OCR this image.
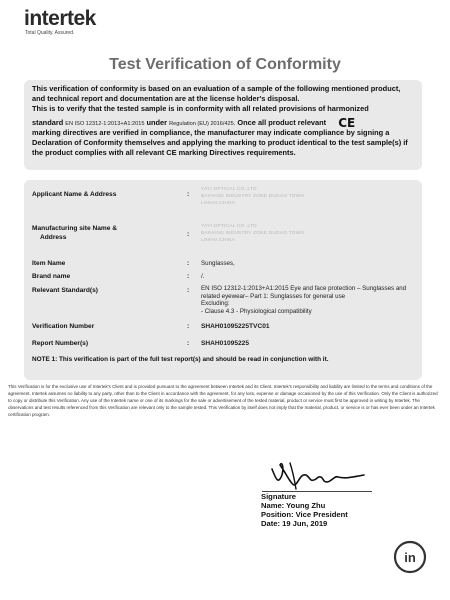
intertek
Total Quality. Assured.
Test Verification of Conformity

This verification of conformity is based on an evaluation of a sample of the following mentioned product, and technical report and documentation are at the license holder's disposal.

This is to verify that the tested sample is in conformity with all related provisions of harmonized

standard EN ISO 12312-1:2013+A1:2015 under Regulation (EU) 2016/425. Once all product relevant CE

marking directives are verified in compliance, the manufacturer may indicate compliance by signing a Declaration of Conformity themselves and applying the marking to product identical to the test sample(s) if the product complies with all relevant CE marking Directives requirements.

Applicant Name & Address	:
YAYI OPTICAL CO.,LTD
BAIHANG INDUSTRY ZONE DUGAO TOWN
LINHAI,CHINA
Manufacturing site Name &
Address	:
YAYI OPTICAL CO.,LTD
BAIHANG INDUSTRY ZONE DUGAO TOWN
LINHAI,CHINA
Item Name	: Sunglasses,
Brand name	: /.
Relevant Standard(s)	: EN ISO 12312-1:2013+A1:2015 Eye and face protection – Sunglasses and related eyewear– Part 1: Sunglasses for general use
Excluding:
- Clause 4.3 - Physiological compatibility
Verification Number	: SHAH01095225TVC01
Report Number(s)	: SHAH01095225
NOTE 1: This verification is part of the full test report(s) and should be read in conjunction with it.

This Verification is for the exclusive use of Intertek's Client and is provided pursuant to the agreement between Intertek and its Client. Intertek's responsibility and liability are limited to the terms and conditions of the agreement. Intertek assumes no liability to any party, other than to the Client in accordance with the agreement, for any loss, expense or damage occasioned by the use of this Verification. Only the Client is authorized to copy or distribute this Verification. Any use of the Intertek name or one of its markings for the sale or advertisement of the tested material, product or service must first be approved in writing by Intertek. The observations and test results referenced from this Verification are relevant only to the sample tested. This Verification by itself does not imply that the material, product, or service is or has ever been under an Intertek certification program.

Signature
Name: Young Zhu
Position: Vice President
Date: 19 Jun, 2019
in
